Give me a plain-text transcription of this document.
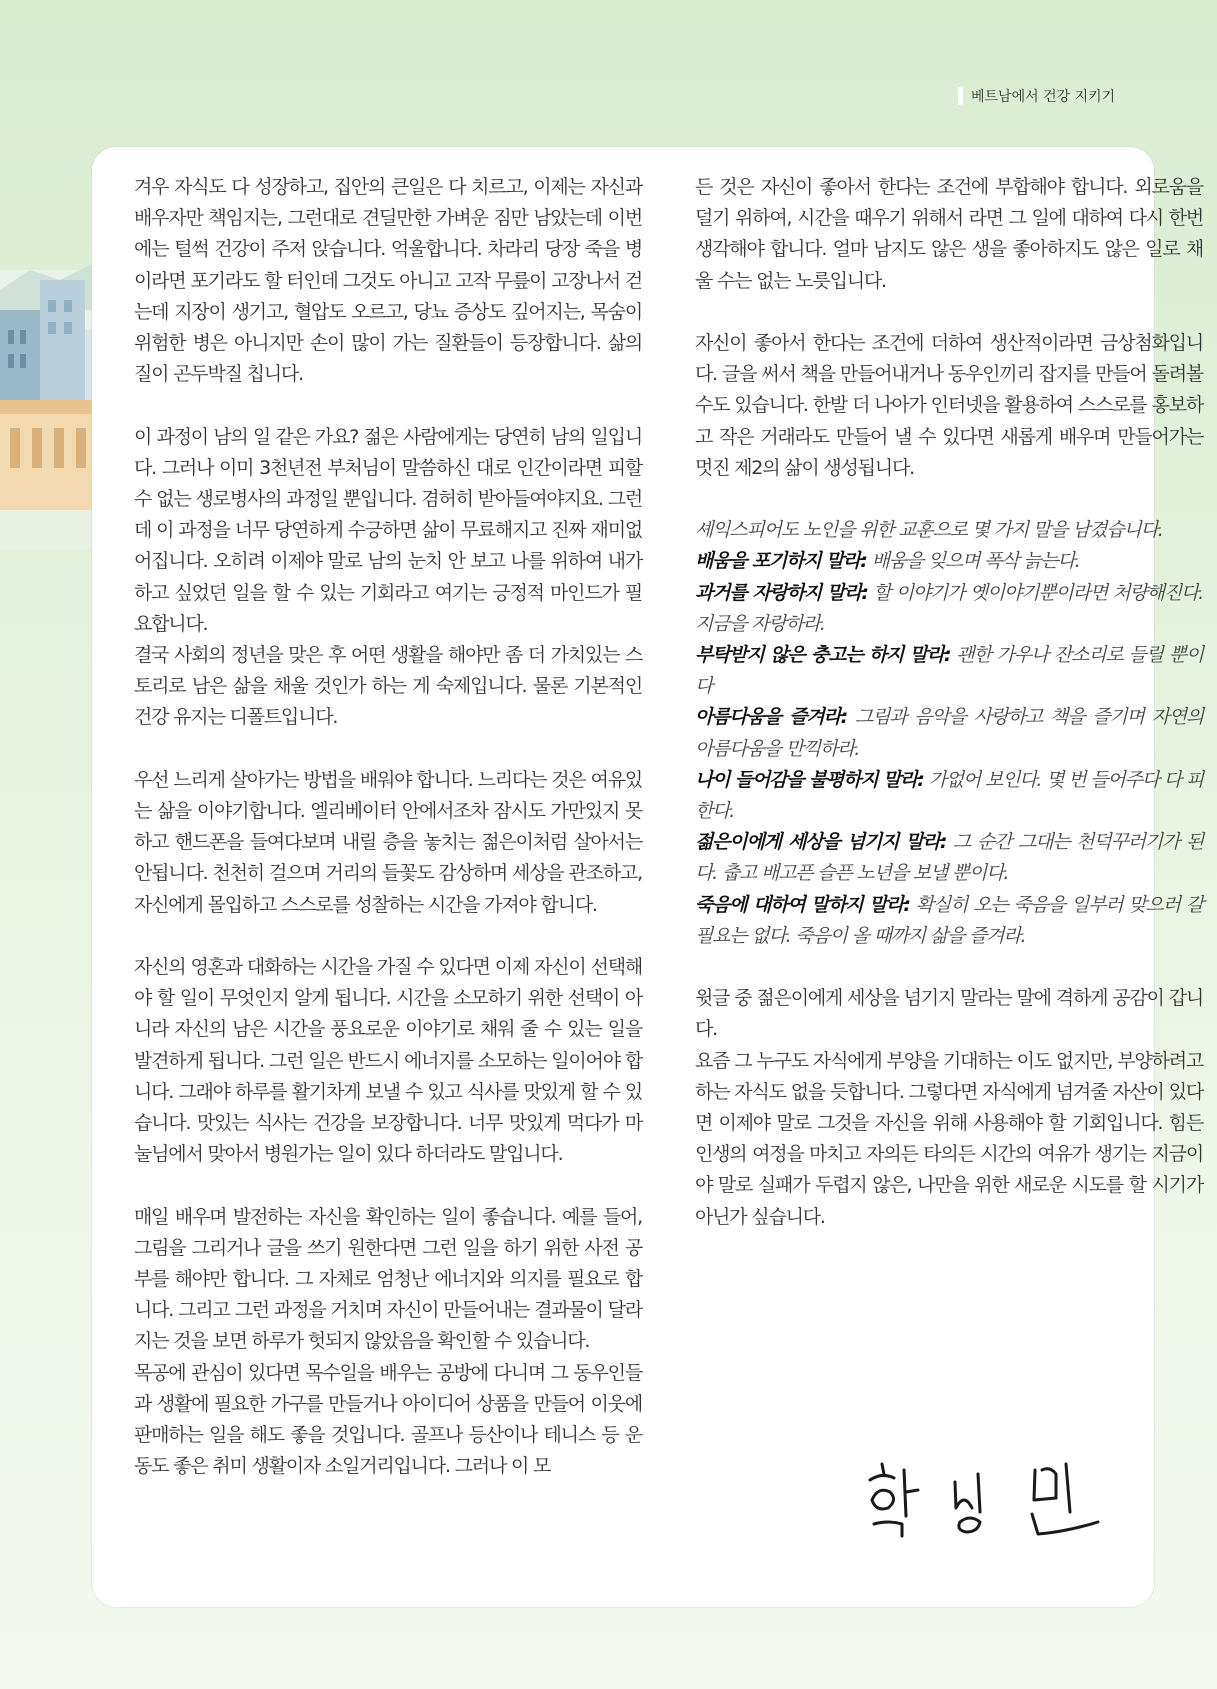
베트남에서 건강 지키기

겨우 자식도 다 성장하고, 집안의 큰일은 다 치르고, 이제는 자신과 배우자만 책임지는, 그런대로 견딜만한 가벼운 짐만 남았는데 이번에는 털썩 건강이 주저 앉습니다. 억울합니다. 차라리 당장 죽을 병이라면 포기라도 할 터인데 그것도 아니고 고작 무릎이 고장나서 걷는데 지장이 생기고, 혈압도 오르고, 당뇨 증상도 깊어지는, 목숨이 위험한 병은 아니지만 손이 많이 가는 질환들이 등장합니다. 삶의 질이 곤두박질 칩니다.

이 과정이 남의 일 같은 가요? 젊은 사람에게는 당연히 남의 일입니다. 그러나 이미 3천년전 부처님이 말씀하신 대로 인간이라면 피할 수 없는 생로병사의 과정일 뿐입니다. 겸허히 받아들여야지요. 그런데 이 과정을 너무 당연하게 수긍하면 삶이 무료해지고 진짜 재미없어집니다. 오히려 이제야 말로 남의 눈치 안 보고 나를 위하여 내가 하고 싶었던 일을 할 수 있는 기회라고 여기는 긍정적 마인드가 필요합니다.

결국 사회의 정년을 맞은 후 어떤 생활을 해야만 좀 더 가치있는 스토리로 남은 삶을 채울 것인가 하는 게 숙제입니다. 물론 기본적인 건강 유지는 디폴트입니다.

우선 느리게 살아가는 방법을 배워야 합니다. 느리다는 것은 여유있는 삶을 이야기합니다. 엘리베이터 안에서조차 잠시도 가만있지 못하고 핸드폰을 들여다보며 내릴 층을 놓치는 젊은이처럼 살아서는 안됩니다. 천천히 걸으며 거리의 들꽃도 감상하며 세상을 관조하고, 자신에게 몰입하고 스스로를 성찰하는 시간을 가져야 합니다.

자신의 영혼과 대화하는 시간을 가질 수 있다면 이제 자신이 선택해야 할 일이 무엇인지 알게 됩니다. 시간을 소모하기 위한 선택이 아니라 자신의 남은 시간을 풍요로운 이야기로 채워 줄 수 있는 일을 발견하게 됩니다. 그런 일은 반드시 에너지를 소모하는 일이어야 합니다. 그래야 하루를 활기차게 보낼 수 있고 식사를 맛있게 할 수 있습니다. 맛있는 식사는 건강을 보장합니다. 너무 맛있게 먹다가 마눌님에서 맞아서 병원가는 일이 있다 하더라도 말입니다.

매일 배우며 발전하는 자신을 확인하는 일이 좋습니다. 예를 들어, 그림을 그리거나 글을 쓰기 원한다면 그런 일을 하기 위한 사전 공부를 해야만 합니다. 그 자체로 엄청난 에너지와 의지를 필요로 합니다. 그리고 그런 과정을 거치며 자신이 만들어내는 결과물이 달라지는 것을 보면 하루가 헛되지 않았음을 확인할 수 있습니다.

목공에 관심이 있다면 목수일을 배우는 공방에 다니며 그 동우인들과 생활에 필요한 가구를 만들거나 아이디어 상품을 만들어 이웃에 판매하는 일을 해도 좋을 것입니다. 골프나 등산이나 테니스 등 운동도 좋은 취미 생활이자 소일거리입니다. 그러나 이 모

든 것은 자신이 좋아서 한다는 조건에 부합해야 합니다. 외로움을 덜기 위하여, 시간을 때우기 위해서 라면 그 일에 대하여 다시 한번 생각해야 합니다. 얼마 남지도 않은 생을 좋아하지도 않은 일로 채울 수는 없는 노릇입니다.

자신이 좋아서 한다는 조건에 더하여 생산적이라면 금상첨화입니다. 글을 써서 책을 만들어내거나 동우인끼리 잡지를 만들어 돌려볼 수도 있습니다. 한발 더 나아가 인터넷을 활용하여 스스로를 홍보하고 작은 거래라도 만들어 낼 수 있다면 새롭게 배우며 만들어가는 멋진 제2의 삶이 생성됩니다.

셰익스피어도 노인을 위한 교훈으로 몇 가지 말을 남겼습니다.

배움을 포기하지 말라: 배움을 잊으며 폭삭 늙는다.

과거를 자랑하지 말라: 할 이야기가 옛이야기뿐이라면 처량해진다. 지금을 자랑하라.

부탁받지 않은 충고는 하지 말라: 괜한 가우나 잔소리로 들릴 뿐이다

아름다움을 즐겨라: 그림과 음악을 사랑하고 책을 즐기며 자연의 아름다움을 만끽하라.

나이 들어감을 불평하지 말라: 가없어 보인다. 몇 번 들어주다 다 피한다.

젊은이에게 세상을 넘기지 말라: 그 순간 그대는 천덕꾸러기가 된다. 춥고 배고픈 슬픈 노년을 보낼 뿐이다.

죽음에 대하여 말하지 말라: 확실히 오는 죽음을 일부러 맞으러 갈 필요는 없다. 죽음이 올 때까지 삶을 즐겨라.

윗글 중 젊은이에게 세상을 넘기지 말라는 말에 격하게 공감이 갑니다.

요즘 그 누구도 자식에게 부양을 기대하는 이도 없지만, 부양하려고 하는 자식도 없을 듯합니다. 그렇다면 자식에게 넘겨줄 자산이 있다면 이제야 말로 그것을 자신을 위해 사용해야 할 기회입니다. 힘든 인생의 여정을 마치고 자의든 타의든 시간의 여유가 생기는 지금이야 말로 실패가 두렵지 않은, 나만을 위한 새로운 시도를 할 시기가 아닌가 싶습니다.
